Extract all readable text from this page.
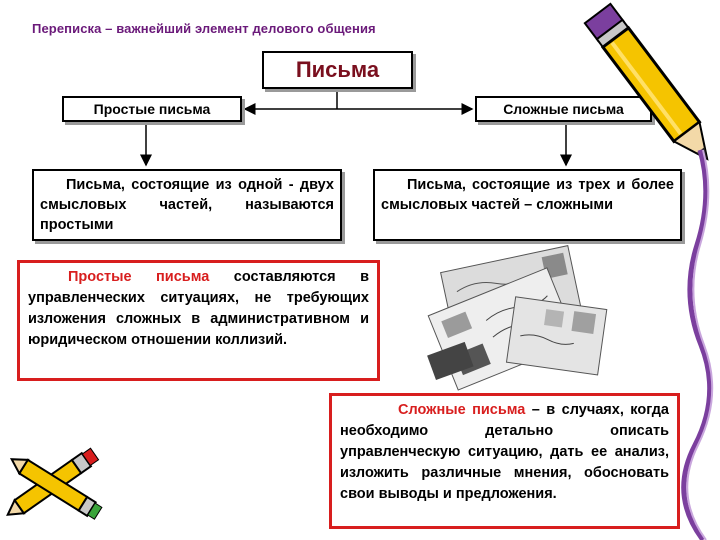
Переписка – важнейший элемент делового общения
Письма
Простые письма	Сложные письма
Письма, состоящие из одной - двух смысловых частей, называются простыми
Письма, состоящие из трех и более смысловых частей – сложными
Простые письма составляются в управленческих ситуациях, не требующих изложения сложных в административном и юридическом отношении коллизий.
Сложные письма – в случаях, когда необходимо детально описать управленческую ситуацию, дать ее анализ, изложить различные мнения, обосновать свои выводы и предложения.
